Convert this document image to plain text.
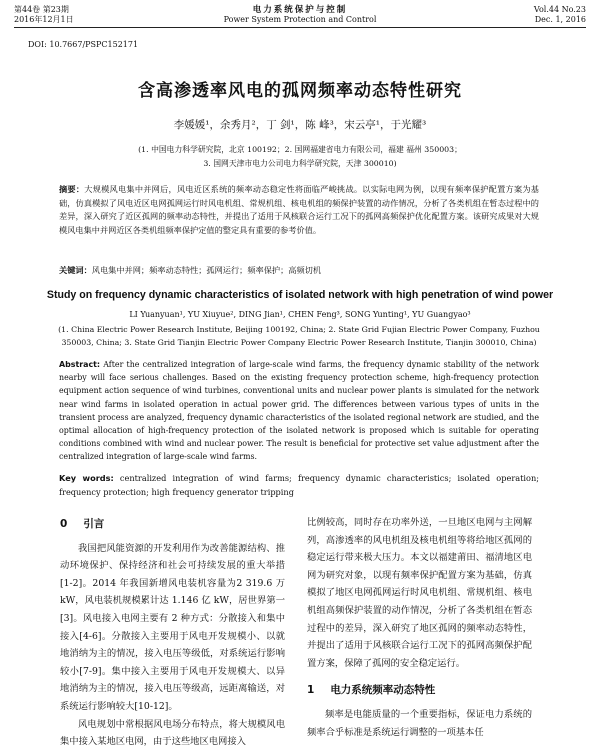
第44卷 第23期
2016年12月1日
电力系统保护与控制
Power System Protection and Control
Vol.44 No.23
Dec. 1, 2016
DOI: 10.7667/PSPC152171
含高渗透率风电的孤网频率动态特性研究
李媛媛¹，余秀月²，丁 剑¹，陈 峰³，宋云亭¹，于光耀³
(1. 中国电力科学研究院，北京 100192；2. 国网福建省电力有限公司，福建 福州 350003；
3. 国网天津市电力公司电力科学研究院，天津 300010)
摘要：大规模风电集中并网后，风电近区系统的频率动态稳定性将面临严峻挑战。以实际电网为例，以现有频率保护配置方案为基础，仿真模拟了风电近区电网孤网运行时风电机组、常规机组、核电机组的频保护装置的动作情况，分析了各类机组在暂态过程中的差异，深入研究了近区孤网的频率动态特性，并提出了适用于风核联合运行工况下的孤网高频保护优化配置方案。该研究成果对大规模风电集中并网近区各类机组频率保护定值的整定具有重要的参考价值。
关键词：风电集中并网；频率动态特性；孤网运行；频率保护；高频切机
Study on frequency dynamic characteristics of isolated network with high penetration of wind power
LI Yuanyuan¹, YU Xiuyue², DING Jian¹, CHEN Feng³, SONG Yunting¹, YU Guangyao³
(1. China Electric Power Research Institute, Beijing 100192, China; 2. State Grid Fujian Electric Power Company, Fuzhou 350003, China; 3. State Grid Tianjin Electric Power Company Electric Power Research Institute, Tianjin 300010, China)
Abstract: After the centralized integration of large-scale wind farms, the frequency dynamic stability of the network nearby will face serious challenges. Based on the existing frequency protection scheme, high-frequency protection equipment action sequence of wind turbines, conventional units and nuclear power plants is simulated for the network near wind farms in isolated operation in actual power grid. The differences between various types of units in the transient process are analyzed, frequency dynamic characteristics of the isolated regional network are studied, and the optimal allocation of high-frequency protection of the isolated network is proposed which is suitable for operating conditions combined with wind and nuclear power. The result is beneficial for protective set value adjustment after the centralized integration of large-scale wind farms.
Key words: centralized integration of wind farms; frequency dynamic characteristics; isolated operation; frequency protection; high frequency generator tripping
0 引言

我国把风能资源的开发利用作为改善能源结构、推动环境保护、保持经济和社会可持续发展的重大举措[1-2]。2014 年我国新增风电装机容量为2 319.6 万 kW，风电装机规模累计达 1.146 亿 kW，居世界第一[3]。风电接入电网主要有 2 种方式：分散接入和集中接入[4-6]。分散接入主要用于风电开发规模小、以就地消纳为主的情况，接入电压等级低，对系统运行影响较小[7-9]。集中接入主要用于风电开发规模大、以异地消纳为主的情况，接入电压等级高，远距离输送，对系统运行影响较大[10-12]。

风电规划中常根据风电场分布特点，将大规模风电集中接入某地区电网，由于这些地区电网接入

比例较高，同时存在功率外送，一旦地区电网与主网解列，高渗透率的风电机组及核电机组等将给地区孤网的稳定运行带来极大压力。本文以福建莆田、福清地区电网为研究对象，以现有频率保护配置方案为基础，仿真模拟了地区电网孤网运行时风电机组、常规机组、核电机组高频保护装置的动作情况，分析了各类机组在暂态过程中的差异，深入研究了地区孤网的频率动态特性，并提出了适用于风核联合运行工况下的孤网高频保护配置方案，保障了孤网的安全稳定运行。

1 电力系统频率动态特性

频率是电能质量的一个重要指标，保证电力系统的频率合乎标准是系统运行调整的一项基本任
